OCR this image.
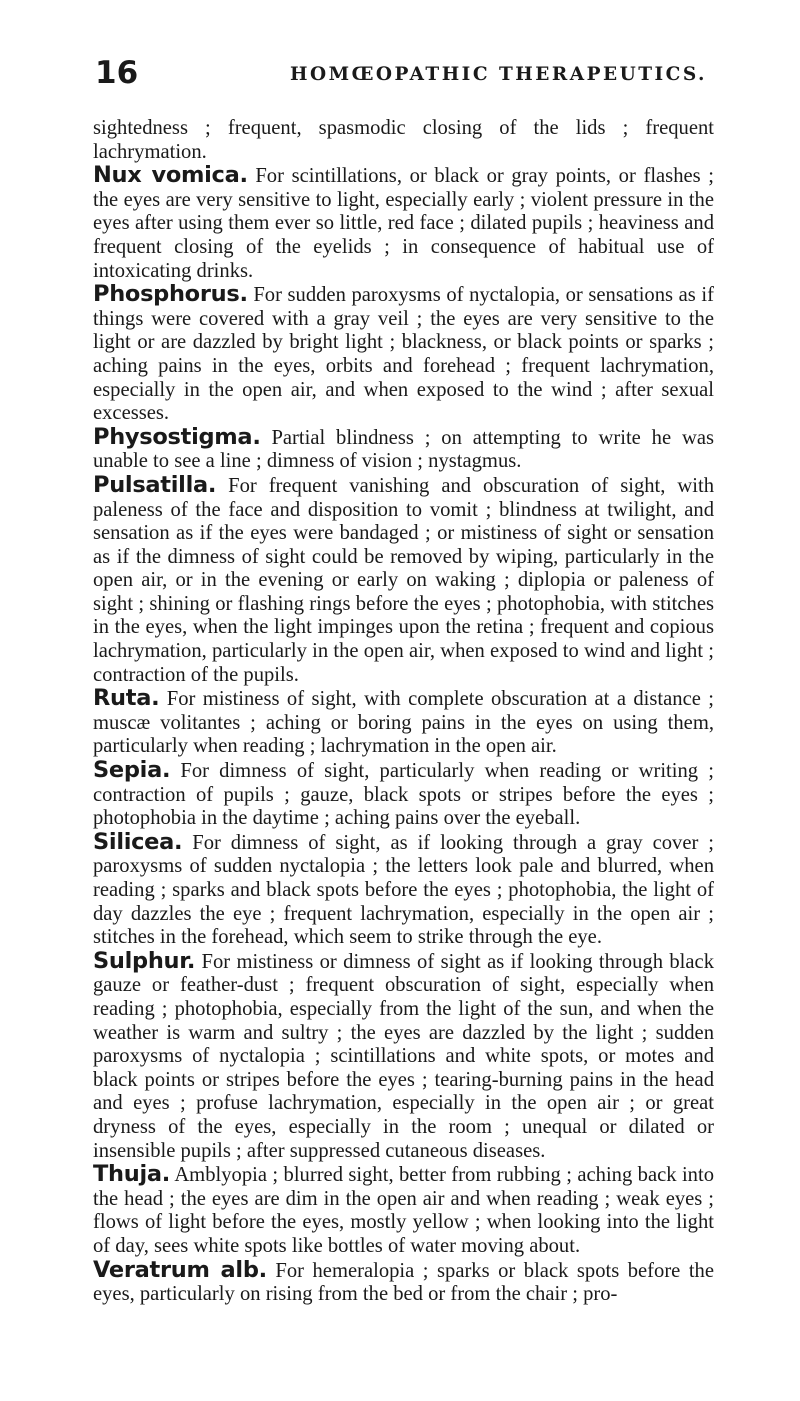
16	HOMŒOPATHIC THERAPEUTICS.

sightedness ; frequent, spasmodic closing of the lids ; frequent lachrymation.

Nux vomica. For scintillations, or black or gray points, or flashes ; the eyes are very sensitive to light, especially early ; violent pressure in the eyes after using them ever so little, red face ; dilated pupils ; heaviness and frequent closing of the eyelids ; in consequence of habitual use of intoxicating drinks.

Phosphorus. For sudden paroxysms of nyctalopia, or sensations as if things were covered with a gray veil ; the eyes are very sensitive to the light or are dazzled by bright light ; blackness, or black points or sparks ; aching pains in the eyes, orbits and forehead ; frequent lachrymation, especially in the open air, and when exposed to the wind ; after sexual excesses.

Physostigma. Partial blindness ; on attempting to write he was unable to see a line ; dimness of vision ; nystagmus.

Pulsatilla. For frequent vanishing and obscuration of sight, with paleness of the face and disposition to vomit ; blindness at twilight, and sensation as if the eyes were bandaged ; or mistiness of sight or sensation as if the dimness of sight could be removed by wiping, particularly in the open air, or in the evening or early on waking ; diplopia or paleness of sight ; shining or flashing rings before the eyes ; photophobia, with stitches in the eyes, when the light impinges upon the retina ; frequent and copious lachrymation, particularly in the open air, when exposed to wind and light ; contraction of the pupils.

Ruta. For mistiness of sight, with complete obscuration at a distance ; muscæ volitantes ; aching or boring pains in the eyes on using them, particularly when reading ; lachrymation in the open air.

Sepia. For dimness of sight, particularly when reading or writing ; contraction of pupils ; gauze, black spots or stripes before the eyes ; photophobia in the daytime ; aching pains over the eyeball.

Silicea. For dimness of sight, as if looking through a gray cover ; paroxysms of sudden nyctalopia ; the letters look pale and blurred, when reading ; sparks and black spots before the eyes ; photophobia, the light of day dazzles the eye ; frequent lachrymation, especially in the open air ; stitches in the forehead, which seem to strike through the eye.

Sulphur. For mistiness or dimness of sight as if looking through black gauze or feather-dust ; frequent obscuration of sight, especially when reading ; photophobia, especially from the light of the sun, and when the weather is warm and sultry ; the eyes are dazzled by the light ; sudden paroxysms of nyctalopia ; scintillations and white spots, or motes and black points or stripes before the eyes ; tearing-burning pains in the head and eyes ; profuse lachrymation, especially in the open air ; or great dryness of the eyes, especially in the room ; unequal or dilated or insensible pupils ; after suppressed cutaneous diseases.

Thuja. Amblyopia ; blurred sight, better from rubbing ; aching back into the head ; the eyes are dim in the open air and when reading ; weak eyes ; flows of light before the eyes, mostly yellow ; when looking into the light of day, sees white spots like bottles of water moving about.

Veratrum alb. For hemeralopia ; sparks or black spots before the eyes, particularly on rising from the bed or from the chair ; pro-
